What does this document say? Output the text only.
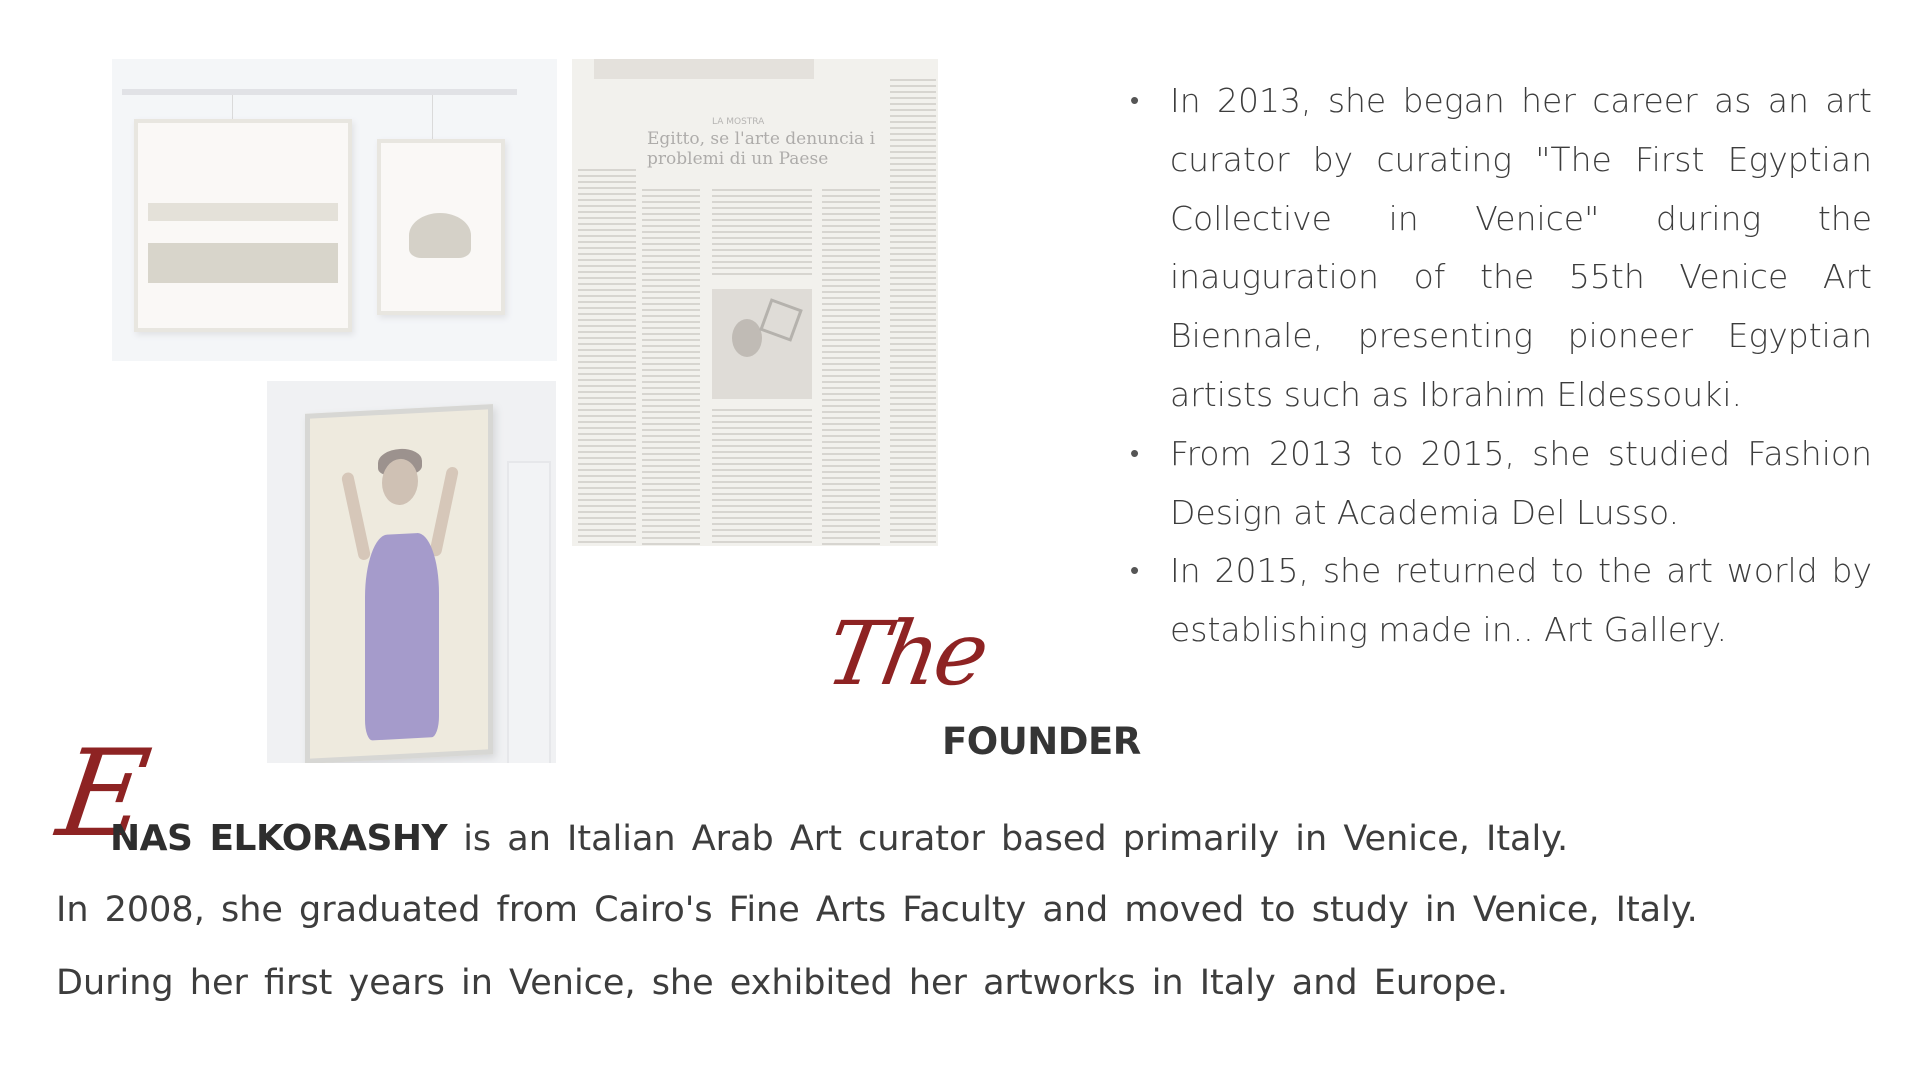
LA MOSTRA
Egitto, se l'arte denuncia i problemi di un Paese
The
FOUNDER
• In 2013, she began her career as an art curator by curating "The First Egyptian Collective in Venice" during the inauguration of the 55th Venice Art Biennale, presenting pioneer Egyptian artists such as Ibrahim Eldessouki.
• From 2013 to 2015, she studied Fashion Design at Academia Del Lusso.
• In 2015, she returned to the art world by establishing made in.. Art Gallery.
E
NAS ELKORASHY is an Italian Arab Art curator based primarily in Venice, Italy.
In 2008, she graduated from Cairo's Fine Arts Faculty and moved to study in Venice, Italy.
During her first years in Venice, she exhibited her artworks in Italy and Europe.
